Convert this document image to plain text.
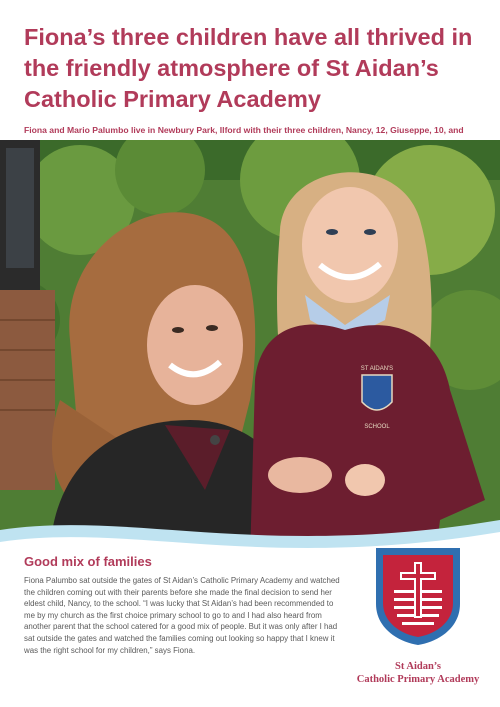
Fiona’s three children have all thrived in the friendly atmosphere of St Aidan’s Catholic Primary Academy

Fiona and Mario Palumbo live in Newbury Park, Ilford with their three children, Nancy, 12, Giuseppe, 10, and

ST AIDAN'S
SCHOOL
Good mix of families

Fiona Palumbo sat outside the gates of St Aidan’s Catholic Primary Academy and watched the children coming out with their parents before she made the final decision to send her eldest child, Nancy, to the school. “I was lucky that St Aidan’s had been recommended to me by my church as the first choice primary school to go to and I had also heard from another parent that the school catered for a good mix of people. But it was only after I had sat outside the gates and watched the families coming out looking so happy that I knew it was the right school for my children,” says Fiona.

St Aidan’s
Catholic Primary Academy
